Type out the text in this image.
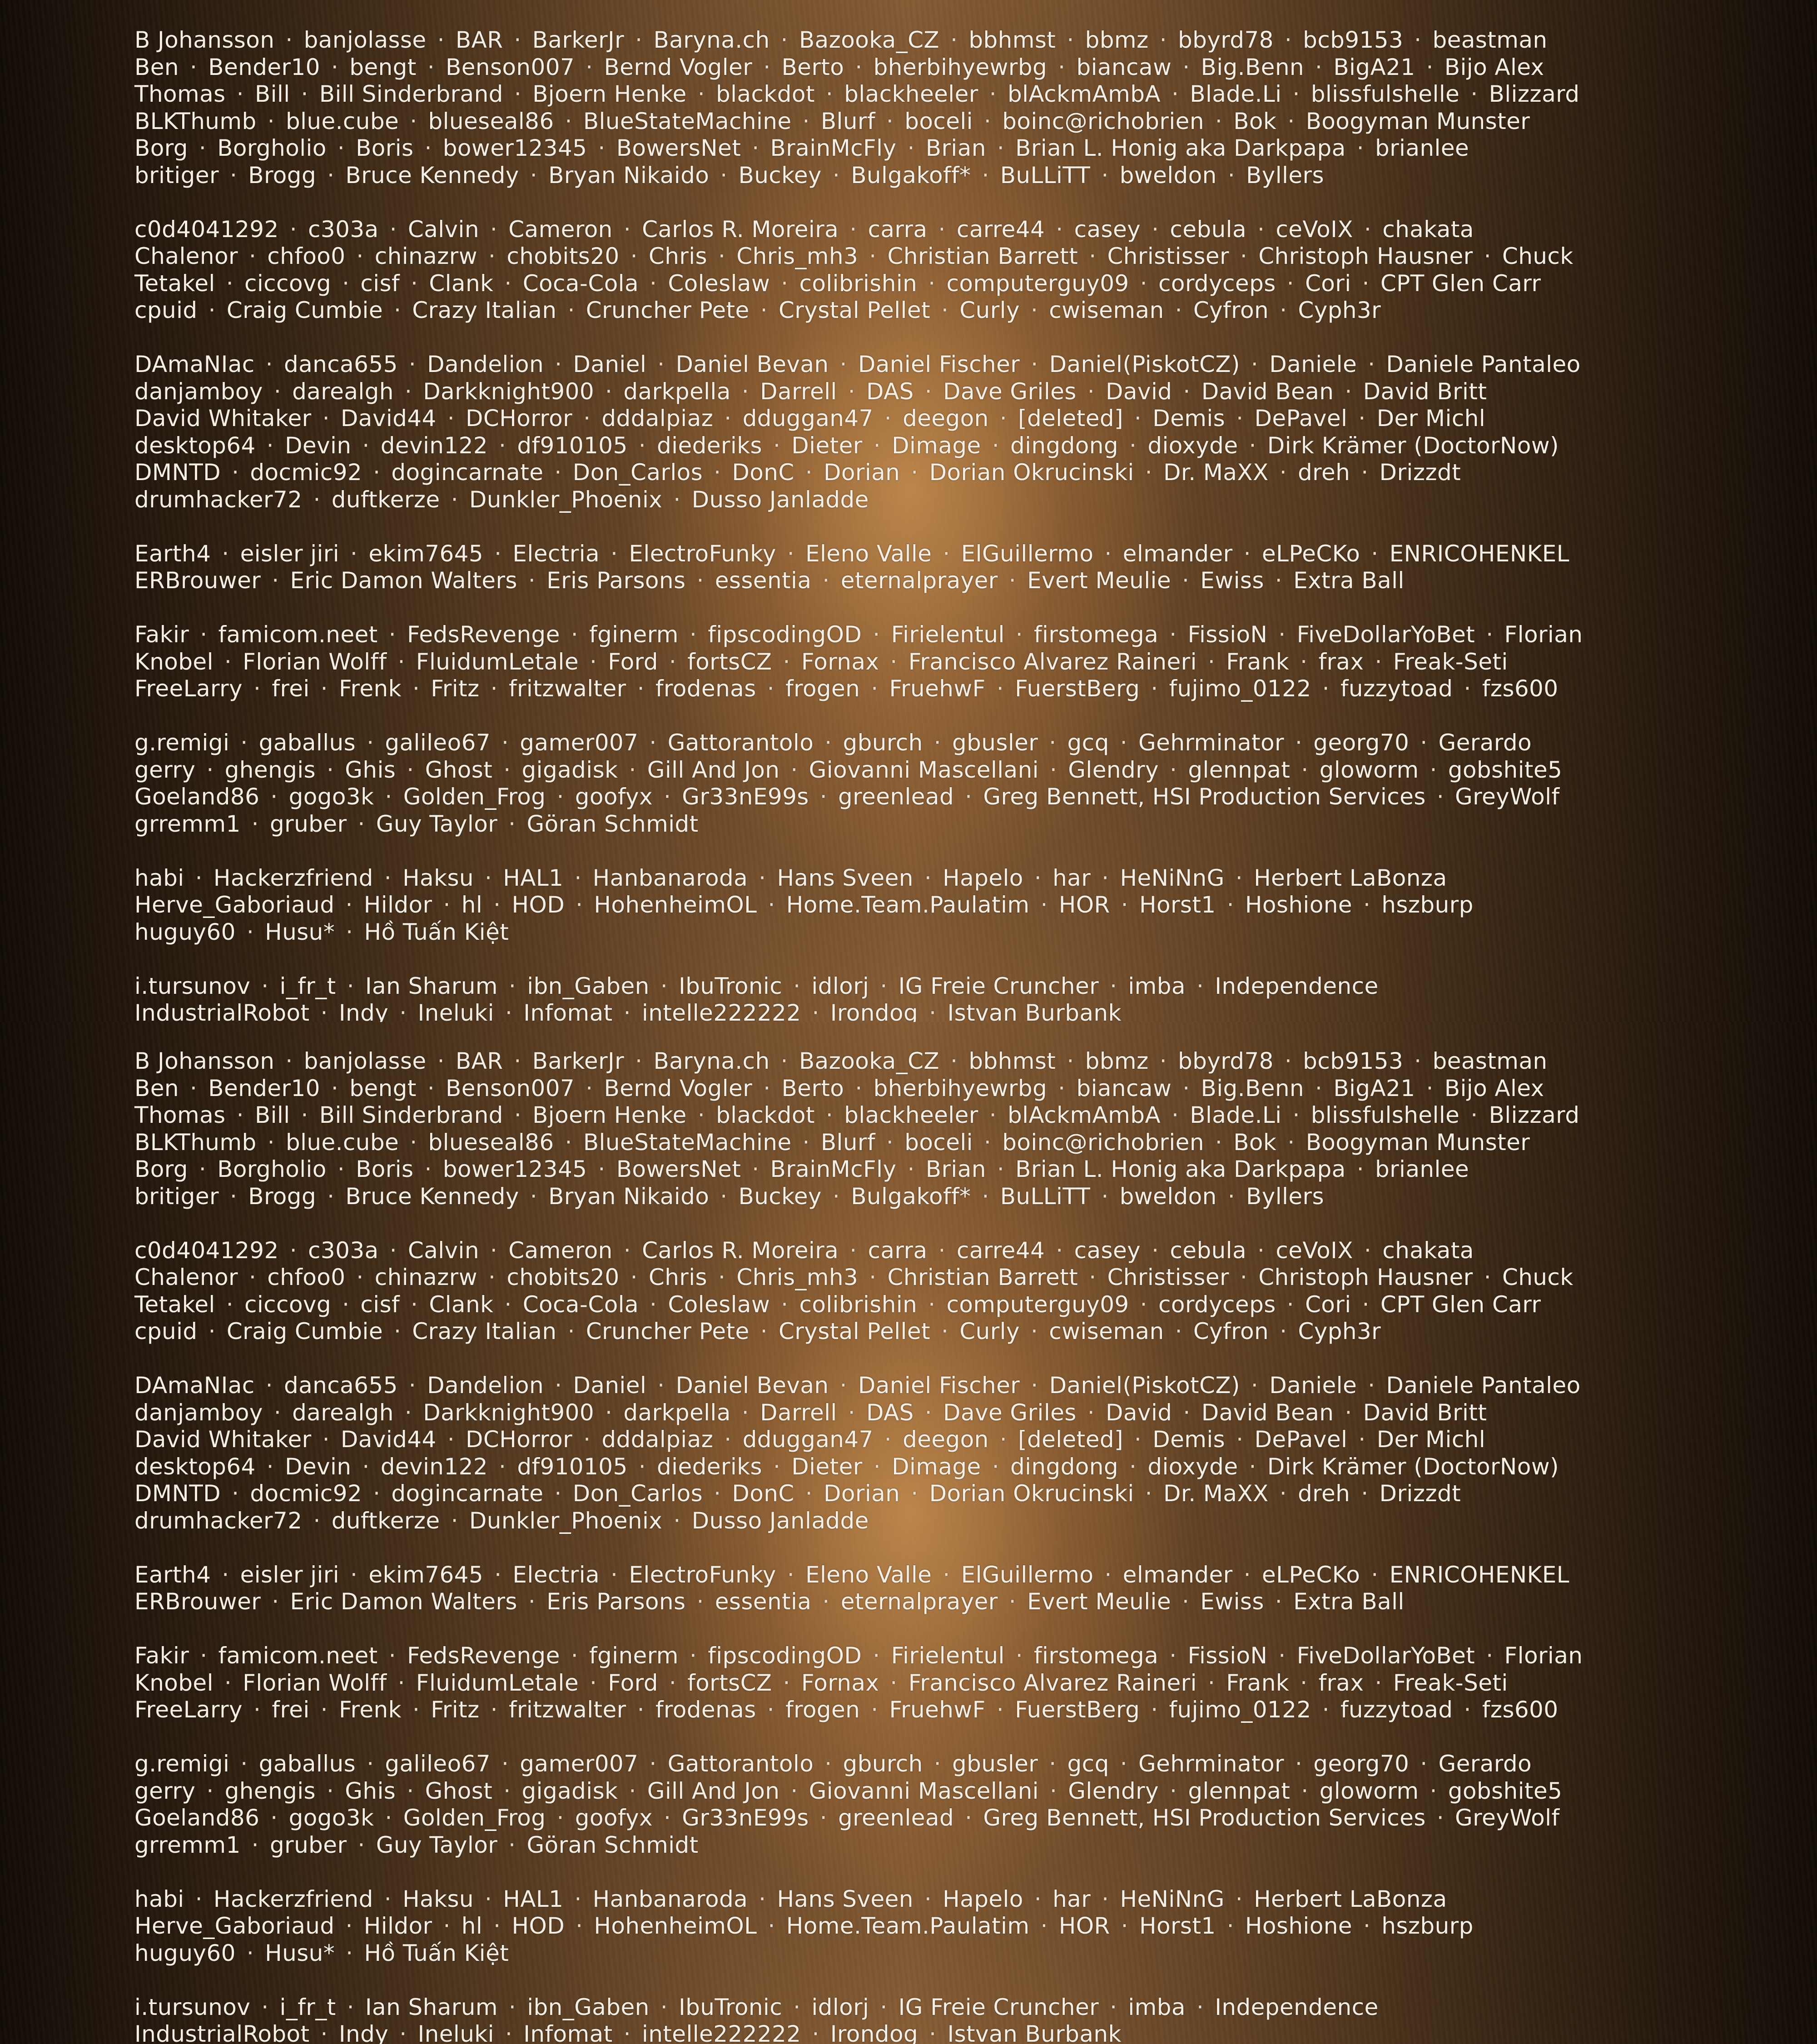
B Johansson · banjolasse · BAR · BarkerJr · Baryna.ch · Bazooka_CZ · bbhmst · bbmz · bbyrd78 · bcb9153 · beastman
Ben · Bender10 · bengt · Benson007 · Bernd Vogler · Berto · bherbihyewrbg · biancaw · Big.Benn · BigA21 · Bijo Alex
Thomas · Bill · Bill Sinderbrand · Bjoern Henke · blackdot · blackheeler · blAckmAmbA · Blade.Li · blissfulshelle · Blizzard
BLKThumb · blue.cube · blueseal86 · BlueStateMachine · Blurf · boceli · boinc@richobrien · Bok · Boogyman Munster
Borg · Borgholio · Boris · bower12345 · BowersNet · BrainMcFly · Brian · Brian L. Honig aka Darkpapa · brianlee
britiger · Brogg · Bruce Kennedy · Bryan Nikaido · Buckey · Bulgakoff* · BuLLiTT · bweldon · Byllers
c0d4041292 · c303a · Calvin · Cameron · Carlos R. Moreira · carra · carre44 · casey · cebula · ceVoIX · chakata
Chalenor · chfoo0 · chinazrw · chobits20 · Chris · Chris_mh3 · Christian Barrett · Christisser · Christoph Hausner · Chuck
Tetakel · ciccovg · cisf · Clank · Coca-Cola · Coleslaw · colibrishin · computerguy09 · cordyceps · Cori · CPT Glen Carr
cpuid · Craig Cumbie · Crazy Italian · Cruncher Pete · Crystal Pellet · Curly · cwiseman · Cyfron · Cyph3r
DAmaNIac · danca655 · Dandelion · Daniel · Daniel Bevan · Daniel Fischer · Daniel(PiskotCZ) · Daniele · Daniele Pantaleo
danjamboy · darealgh · Darkknight900 · darkpella · Darrell · DAS · Dave Griles · David · David Bean · David Britt
David Whitaker · David44 · DCHorror · dddalpiaz · dduggan47 · deegon · [deleted] · Demis · DePavel · Der Michl
desktop64 · Devin · devin122 · df910105 · diederiks · Dieter · Dimage · dingdong · dioxyde · Dirk Krämer (DoctorNow)
DMNTD · docmic92 · dogincarnate · Don_Carlos · DonC · Dorian · Dorian Okrucinski · Dr. MaXX · dreh · Drizzdt
drumhacker72 · duftkerze · Dunkler_Phoenix · Dusso Janladde
Earth4 · eisler jiri · ekim7645 · Electria · ElectroFunky · Eleno Valle · ElGuillermo · elmander · eLPeCKo · ENRICOHENKEL
ERBrouwer · Eric Damon Walters · Eris Parsons · essentia · eternalprayer · Evert Meulie · Ewiss · Extra Ball
Fakir · famicom.neet · FedsRevenge · fginerm · fipscodingOD · Firielentul · firstomega · FissioN · FiveDollarYoBet · Florian
Knobel · Florian Wolff · FluidumLetale · Ford · fortsCZ · Fornax · Francisco Alvarez Raineri · Frank · frax · Freak-Seti
FreeLarry · frei · Frenk · Fritz · fritzwalter · frodenas · frogen · FruehwF · FuerstBerg · fujimo_0122 · fuzzytoad · fzs600
g.remigi · gaballus · galileo67 · gamer007 · Gattorantolo · gburch · gbusler · gcq · Gehrminator · georg70 · Gerardo
gerry · ghengis · Ghis · Ghost · gigadisk · Gill And Jon · Giovanni Mascellani · Glendry · glennpat · gloworm · gobshite5
Goeland86 · gogo3k · Golden_Frog · goofyx · Gr33nE99s · greenlead · Greg Bennett, HSI Production Services · GreyWolf
grremm1 · gruber · Guy Taylor · Göran Schmidt
habi · Hackerzfriend · Haksu · HAL1 · Hanbanaroda · Hans Sveen · Hapelo · har · HeNiNnG · Herbert LaBonza
Herve_Gaboriaud · Hildor · hl · HOD · HohenheimOL · Home.Team.Paulatim · HOR · Horst1 · Hoshione · hszburp
huguy60 · Husu* · Hồ Tuấn Kiệt
i.tursunov · i_fr_t · Ian Sharum · ibn_Gaben · IbuTronic · idlorj · IG Freie Cruncher · imba · Independence
IndustrialRobot · Indy · Ineluki · Infomat · intelle222222 · Irondog · Istvan Burbank
B Johansson · banjolasse · BAR · BarkerJr · Baryna.ch · Bazooka_CZ · bbhmst · bbmz · bbyrd78 · bcb9153 · beastman
Ben · Bender10 · bengt · Benson007 · Bernd Vogler · Berto · bherbihyewrbg · biancaw · Big.Benn · BigA21 · Bijo Alex
Thomas · Bill · Bill Sinderbrand · Bjoern Henke · blackdot · blackheeler · blAckmAmbA · Blade.Li · blissfulshelle · Blizzard
BLKThumb · blue.cube · blueseal86 · BlueStateMachine · Blurf · boceli · boinc@richobrien · Bok · Boogyman Munster
Borg · Borgholio · Boris · bower12345 · BowersNet · BrainMcFly · Brian · Brian L. Honig aka Darkpapa · brianlee
britiger · Brogg · Bruce Kennedy · Bryan Nikaido · Buckey · Bulgakoff* · BuLLiTT · bweldon · Byllers
c0d4041292 · c303a · Calvin · Cameron · Carlos R. Moreira · carra · carre44 · casey · cebula · ceVoIX · chakata
Chalenor · chfoo0 · chinazrw · chobits20 · Chris · Chris_mh3 · Christian Barrett · Christisser · Christoph Hausner · Chuck
Tetakel · ciccovg · cisf · Clank · Coca-Cola · Coleslaw · colibrishin · computerguy09 · cordyceps · Cori · CPT Glen Carr
cpuid · Craig Cumbie · Crazy Italian · Cruncher Pete · Crystal Pellet · Curly · cwiseman · Cyfron · Cyph3r
DAmaNIac · danca655 · Dandelion · Daniel · Daniel Bevan · Daniel Fischer · Daniel(PiskotCZ) · Daniele · Daniele Pantaleo
danjamboy · darealgh · Darkknight900 · darkpella · Darrell · DAS · Dave Griles · David · David Bean · David Britt
David Whitaker · David44 · DCHorror · dddalpiaz · dduggan47 · deegon · [deleted] · Demis · DePavel · Der Michl
desktop64 · Devin · devin122 · df910105 · diederiks · Dieter · Dimage · dingdong · dioxyde · Dirk Krämer (DoctorNow)
DMNTD · docmic92 · dogincarnate · Don_Carlos · DonC · Dorian · Dorian Okrucinski · Dr. MaXX · dreh · Drizzdt
drumhacker72 · duftkerze · Dunkler_Phoenix · Dusso Janladde
Earth4 · eisler jiri · ekim7645 · Electria · ElectroFunky · Eleno Valle · ElGuillermo · elmander · eLPeCKo · ENRICOHENKEL
ERBrouwer · Eric Damon Walters · Eris Parsons · essentia · eternalprayer · Evert Meulie · Ewiss · Extra Ball
Fakir · famicom.neet · FedsRevenge · fginerm · fipscodingOD · Firielentul · firstomega · FissioN · FiveDollarYoBet · Florian
Knobel · Florian Wolff · FluidumLetale · Ford · fortsCZ · Fornax · Francisco Alvarez Raineri · Frank · frax · Freak-Seti
FreeLarry · frei · Frenk · Fritz · fritzwalter · frodenas · frogen · FruehwF · FuerstBerg · fujimo_0122 · fuzzytoad · fzs600
g.remigi · gaballus · galileo67 · gamer007 · Gattorantolo · gburch · gbusler · gcq · Gehrminator · georg70 · Gerardo
gerry · ghengis · Ghis · Ghost · gigadisk · Gill And Jon · Giovanni Mascellani · Glendry · glennpat · gloworm · gobshite5
Goeland86 · gogo3k · Golden_Frog · goofyx · Gr33nE99s · greenlead · Greg Bennett, HSI Production Services · GreyWolf
grremm1 · gruber · Guy Taylor · Göran Schmidt
habi · Hackerzfriend · Haksu · HAL1 · Hanbanaroda · Hans Sveen · Hapelo · har · HeNiNnG · Herbert LaBonza
Herve_Gaboriaud · Hildor · hl · HOD · HohenheimOL · Home.Team.Paulatim · HOR · Horst1 · Hoshione · hszburp
huguy60 · Husu* · Hồ Tuấn Kiệt
i.tursunov · i_fr_t · Ian Sharum · ibn_Gaben · IbuTronic · idlorj · IG Freie Cruncher · imba · Independence
IndustrialRobot · Indy · Ineluki · Infomat · intelle222222 · Irondog · Istvan Burbank
